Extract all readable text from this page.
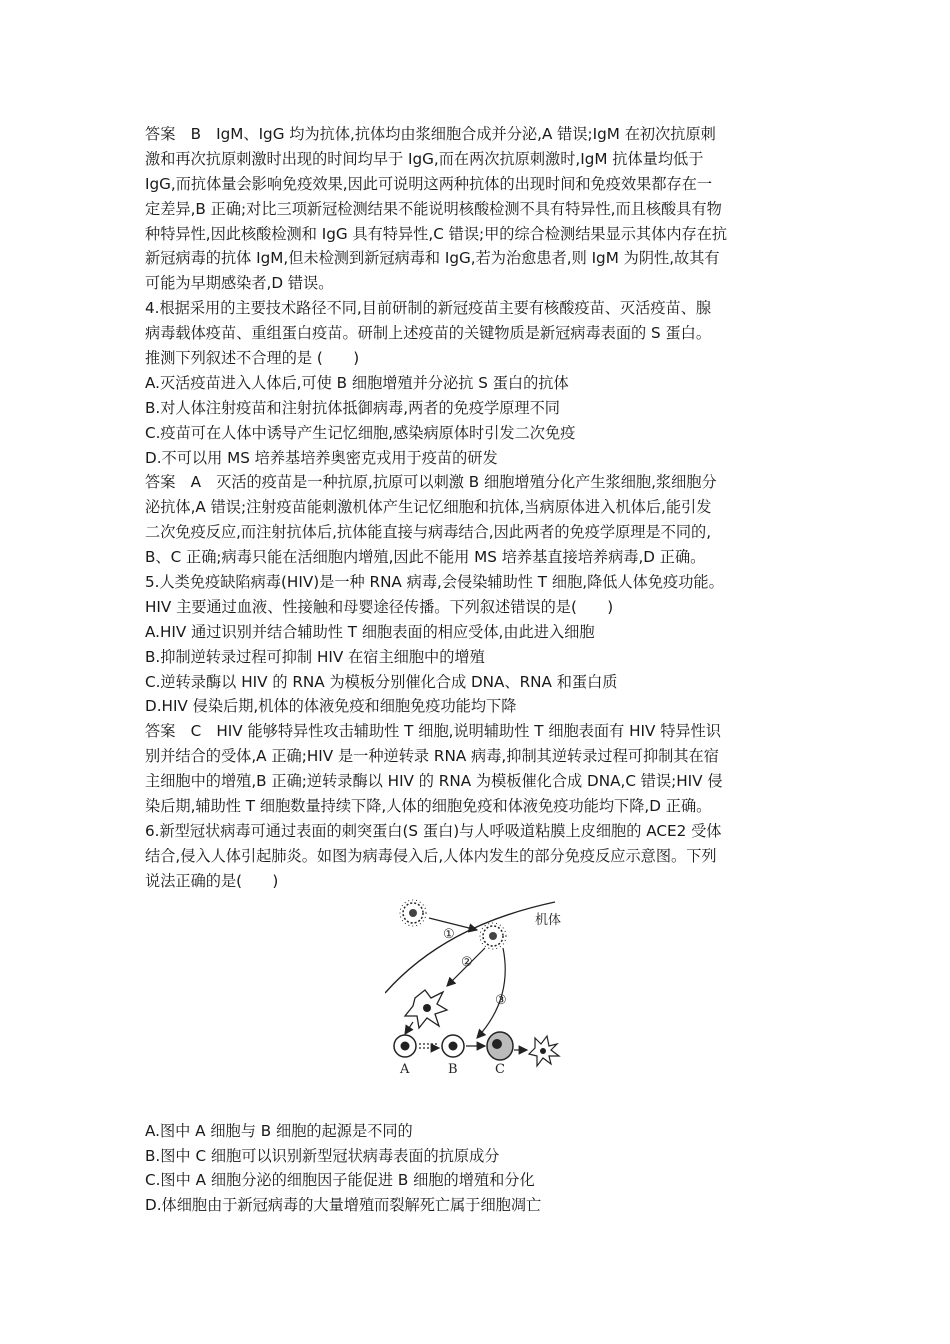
答案　B　IgM、IgG 均为抗体,抗体均由浆细胞合成并分泌,A 错误;IgM 在初次抗原刺
激和再次抗原刺激时出现的时间均早于 IgG,而在两次抗原刺激时,IgM 抗体量均低于
IgG,而抗体量会影响免疫效果,因此可说明这两种抗体的出现时间和免疫效果都存在一
定差异,B 正确;对比三项新冠检测结果不能说明核酸检测不具有特异性,而且核酸具有物
种特异性,因此核酸检测和 IgG 具有特异性,C 错误;甲的综合检测结果显示其体内存在抗
新冠病毒的抗体 IgM,但未检测到新冠病毒和 IgG,若为治愈患者,则 IgM 为阴性,故其有
可能为早期感染者,D 错误。
4.根据采用的主要技术路径不同,目前研制的新冠疫苗主要有核酸疫苗、灭活疫苗、腺
病毒载体疫苗、重组蛋白疫苗。研制上述疫苗的关键物质是新冠病毒表面的 S 蛋白。
推测下列叙述不合理的是 (　　)
A.灭活疫苗进入人体后,可使 B 细胞增殖并分泌抗 S 蛋白的抗体
B.对人体注射疫苗和注射抗体抵御病毒,两者的免疫学原理不同
C.疫苗可在人体中诱导产生记忆细胞,感染病原体时引发二次免疫
D.不可以用 MS 培养基培养奥密克戎用于疫苗的研发
答案　A　灭活的疫苗是一种抗原,抗原可以刺激 B 细胞增殖分化产生浆细胞,浆细胞分
泌抗体,A 错误;注射疫苗能刺激机体产生记忆细胞和抗体,当病原体进入机体后,能引发
二次免疫反应,而注射抗体后,抗体能直接与病毒结合,因此两者的免疫学原理是不同的,
B、C 正确;病毒只能在活细胞内增殖,因此不能用 MS 培养基直接培养病毒,D 正确。
5.人类免疫缺陷病毒(HIV)是一种 RNA 病毒,会侵染辅助性 T 细胞,降低人体免疫功能。
HIV 主要通过血液、性接触和母婴途径传播。下列叙述错误的是(　　)
A.HIV 通过识别并结合辅助性 T 细胞表面的相应受体,由此进入细胞
B.抑制逆转录过程可抑制 HIV 在宿主细胞中的增殖
C.逆转录酶以 HIV 的 RNA 为模板分别催化合成 DNA、RNA 和蛋白质
D.HIV 侵染后期,机体的体液免疫和细胞免疫功能均下降
答案　C　HIV 能够特异性攻击辅助性 T 细胞,说明辅助性 T 细胞表面有 HIV 特异性识
别并结合的受体,A 正确;HIV 是一种逆转录 RNA 病毒,抑制其逆转录过程可抑制其在宿
主细胞中的增殖,B 正确;逆转录酶以 HIV 的 RNA 为模板催化合成 DNA,C 错误;HIV 侵
染后期,辅助性 T 细胞数量持续下降,人体的细胞免疫和体液免疫功能均下降,D 正确。
6.新型冠状病毒可通过表面的刺突蛋白(S 蛋白)与人呼吸道粘膜上皮细胞的 ACE2 受体
结合,侵入人体引起肺炎。如图为病毒侵入后,人体内发生的部分免疫反应示意图。下列
说法正确的是(　　)
机体
①
②
③
A	B	C
A.图中 A 细胞与 B 细胞的起源是不同的
B.图中 C 细胞可以识别新型冠状病毒表面的抗原成分
C.图中 A 细胞分泌的细胞因子能促进 B 细胞的增殖和分化
D.体细胞由于新冠病毒的大量增殖而裂解死亡属于细胞凋亡
